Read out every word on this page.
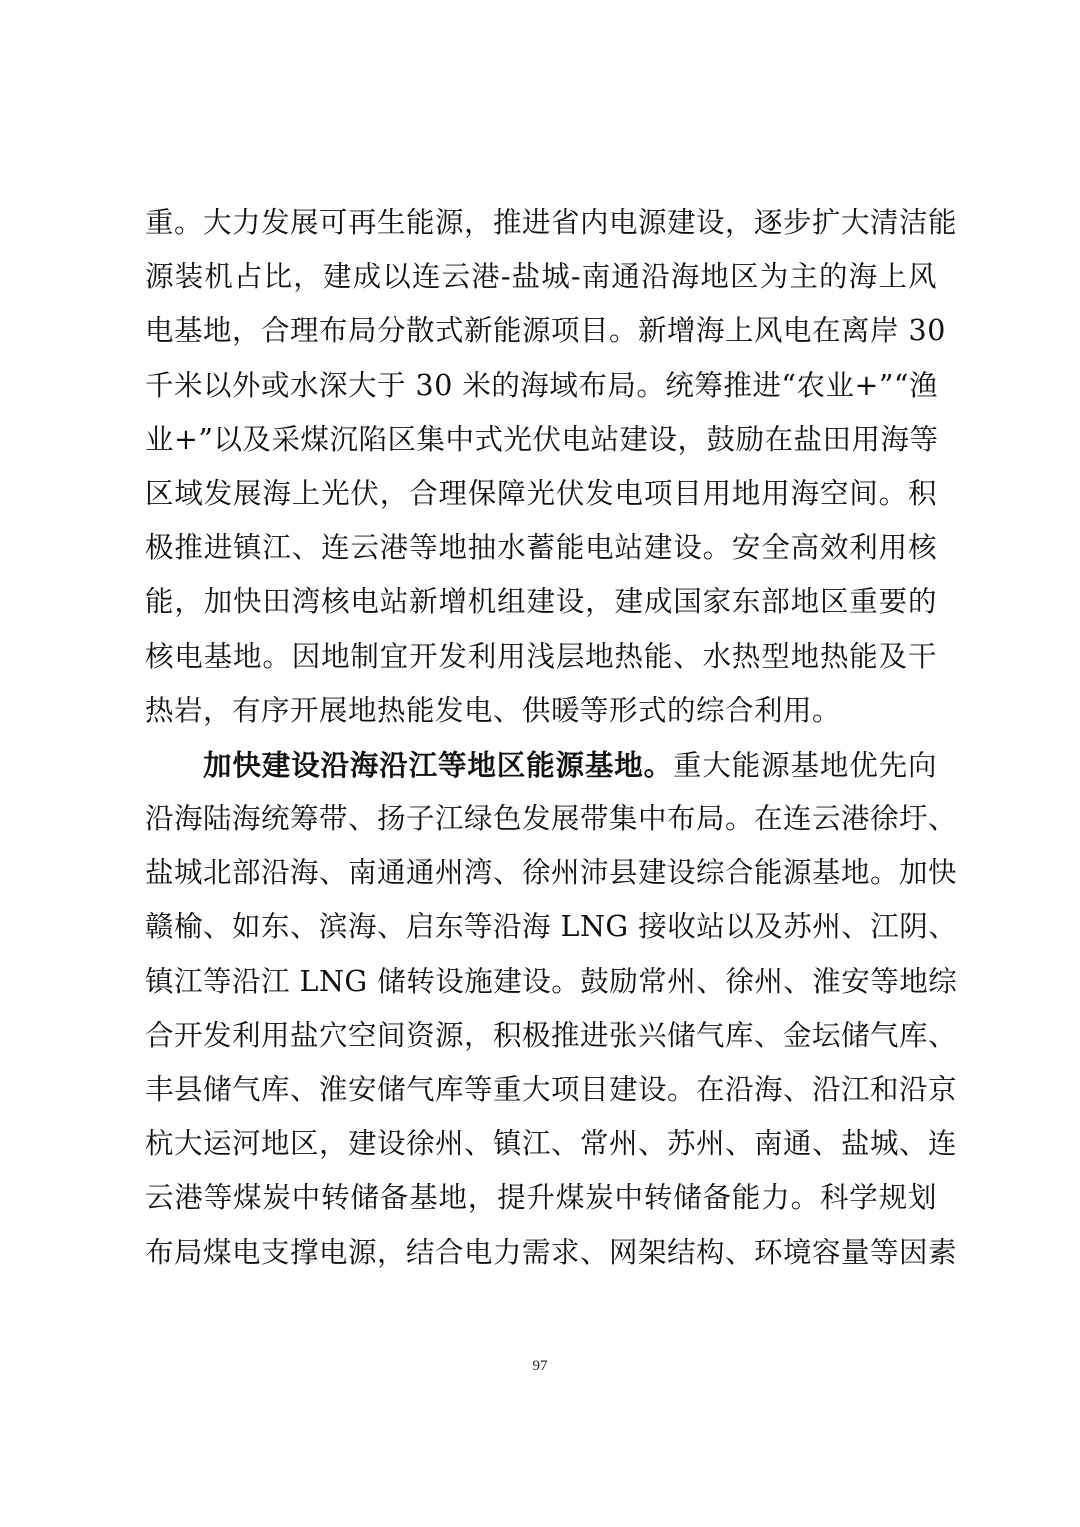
重。大力发展可再生能源，推进省内电源建设，逐步扩大清洁能
源装机占比，建成以连云港-盐城-南通沿海地区为主的海上风
电基地，合理布局分散式新能源项目。新增海上风电在离岸 30
千米以外或水深大于 30 米的海域布局。统筹推进“农业+”“渔
业+”以及采煤沉陷区集中式光伏电站建设，鼓励在盐田用海等
区域发展海上光伏，合理保障光伏发电项目用地用海空间。积
极推进镇江、连云港等地抽水蓄能电站建设。安全高效利用核
能，加快田湾核电站新增机组建设，建成国家东部地区重要的
核电基地。因地制宜开发利用浅层地热能、水热型地热能及干
热岩，有序开展地热能发电、供暖等形式的综合利用。
加快建设沿海沿江等地区能源基地。重大能源基地优先向
沿海陆海统筹带、扬子江绿色发展带集中布局。在连云港徐圩、
盐城北部沿海、南通通州湾、徐州沛县建设综合能源基地。加快
赣榆、如东、滨海、启东等沿海 LNG 接收站以及苏州、江阴、
镇江等沿江 LNG 储转设施建设。鼓励常州、徐州、淮安等地综
合开发利用盐穴空间资源，积极推进张兴储气库、金坛储气库、
丰县储气库、淮安储气库等重大项目建设。在沿海、沿江和沿京
杭大运河地区，建设徐州、镇江、常州、苏州、南通、盐城、连
云港等煤炭中转储备基地，提升煤炭中转储备能力。科学规划
布局煤电支撑电源，结合电力需求、网架结构、环境容量等因素
97
